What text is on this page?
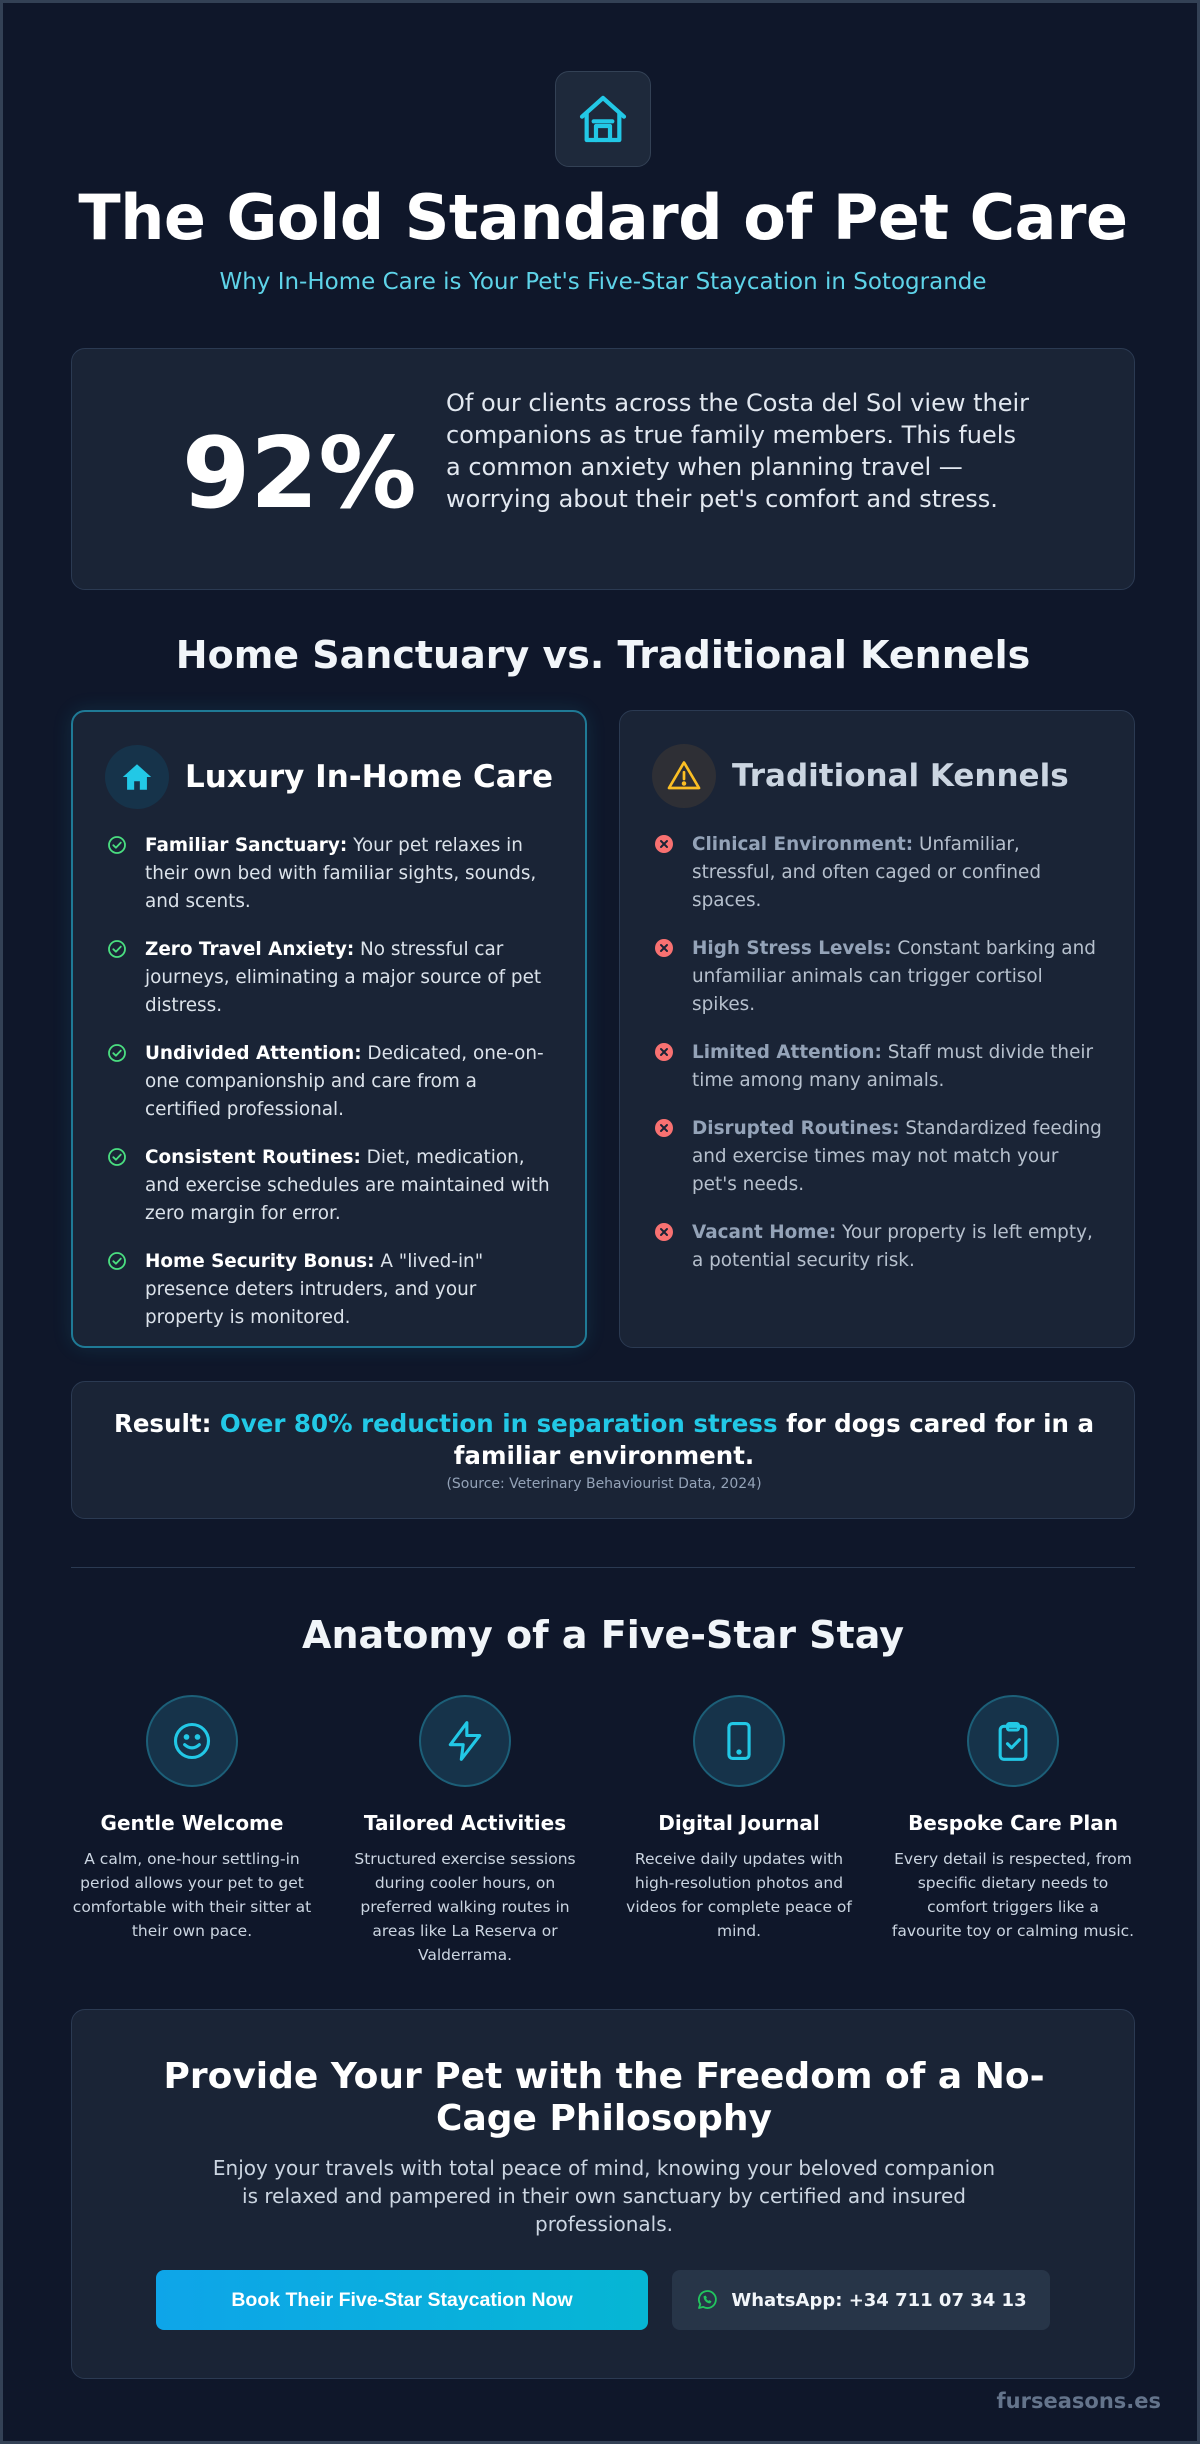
The Gold Standard of Pet Care

Why In-Home Care is Your Pet's Five-Star Staycation in Sotogrande

92%

Of our clients across the Costa del Sol view their companions as true family members. This fuels a common anxiety when planning travel — worrying about their pet's comfort and stress.

Home Sanctuary vs. Traditional Kennels
Luxury In-Home Care
Familiar Sanctuary: Your pet relaxes in their own bed with familiar sights, sounds, and scents.
Zero Travel Anxiety: No stressful car journeys, eliminating a major source of pet distress.
Undivided Attention: Dedicated, one-on-one companionship and care from a certified professional.
Consistent Routines: Diet, medication, and exercise schedules are maintained with zero margin for error.
Home Security Bonus: A "lived-in" presence deters intruders, and your property is monitored.
Traditional Kennels
Clinical Environment: Unfamiliar, stressful, and often caged or confined spaces.
High Stress Levels: Constant barking and unfamiliar animals can trigger cortisol spikes.
Limited Attention: Staff must divide their time among many animals.
Disrupted Routines: Standardized feeding and exercise times may not match your pet's needs.
Vacant Home: Your property is left empty, a potential security risk.

Result: Over 80% reduction in separation stress for dogs cared for in a familiar environment.

(Source: Veterinary Behaviourist Data, 2024)

Anatomy of a Five-Star Stay
Gentle Welcome

A calm, one-hour settling-in period allows your pet to get comfortable with their sitter at their own pace.

Tailored Activities

Structured exercise sessions during cooler hours, on preferred walking routes in areas like La Reserva or Valderrama.

Digital Journal

Receive daily updates with high-resolution photos and videos for complete peace of mind.

Bespoke Care Plan

Every detail is respected, from specific dietary needs to comfort triggers like a favourite toy or calming music.

Provide Your Pet with the Freedom of a No-Cage Philosophy

Enjoy your travels with total peace of mind, knowing your beloved companion is relaxed and pampered in their own sanctuary by certified and insured professionals.

Book Their Five-Star Staycation Now	WhatsApp: +34 711 07 34 13
furseasons.es
